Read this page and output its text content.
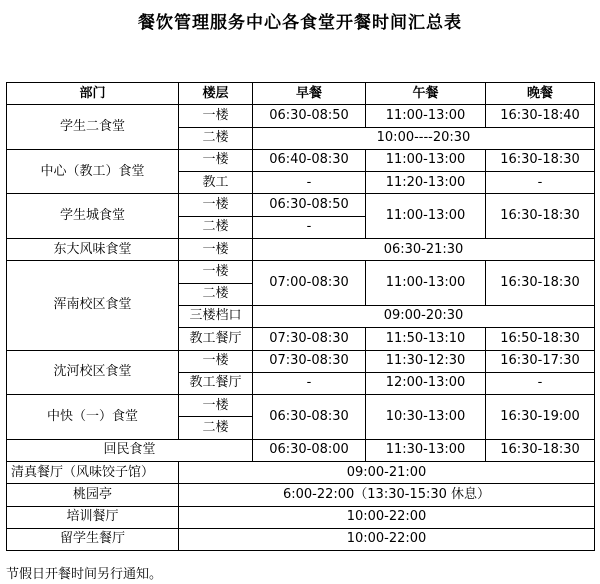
餐饮管理服务中心各食堂开餐时间汇总表
部门	楼层	早餐	午餐	晚餐
学生二食堂	一楼	06:30-08:50	11:00-13:00	16:30-18:40
	二楼	10:00----20:30		
中心（教工）食堂	一楼	06:40-08:30	11:00-13:00	16:30-18:30
	教工	-	11:20-13:00	-
学生城食堂	一楼	06:30-08:50	11:00-13:00	16:30-18:30
	二楼	-		
东大风味食堂	一楼	06:30-21:30		
浑南校区食堂	一楼	07:00-08:30	11:00-13:00	16:30-18:30
	二楼			
	三楼档口	09:00-20:30		
	教工餐厅	07:30-08:30	11:50-13:10	16:50-18:30
沈河校区食堂	一楼	07:30-08:30	11:30-12:30	16:30-17:30
	教工餐厅	-	12:00-13:00	-
中快（一）食堂	一楼	06:30-08:30	10:30-13:00	16:30-19:00
	二楼			
回民食堂		06:30-08:00	11:30-13:00	16:30-18:30
清真餐厅（风味饺子馆）	09:00-21:00			
桃园亭	6:00-22:00（13:30-15:30 休息）			
培训餐厅	10:00-22:00			
留学生餐厅	10:00-22:00			
节假日开餐时间另行通知。
